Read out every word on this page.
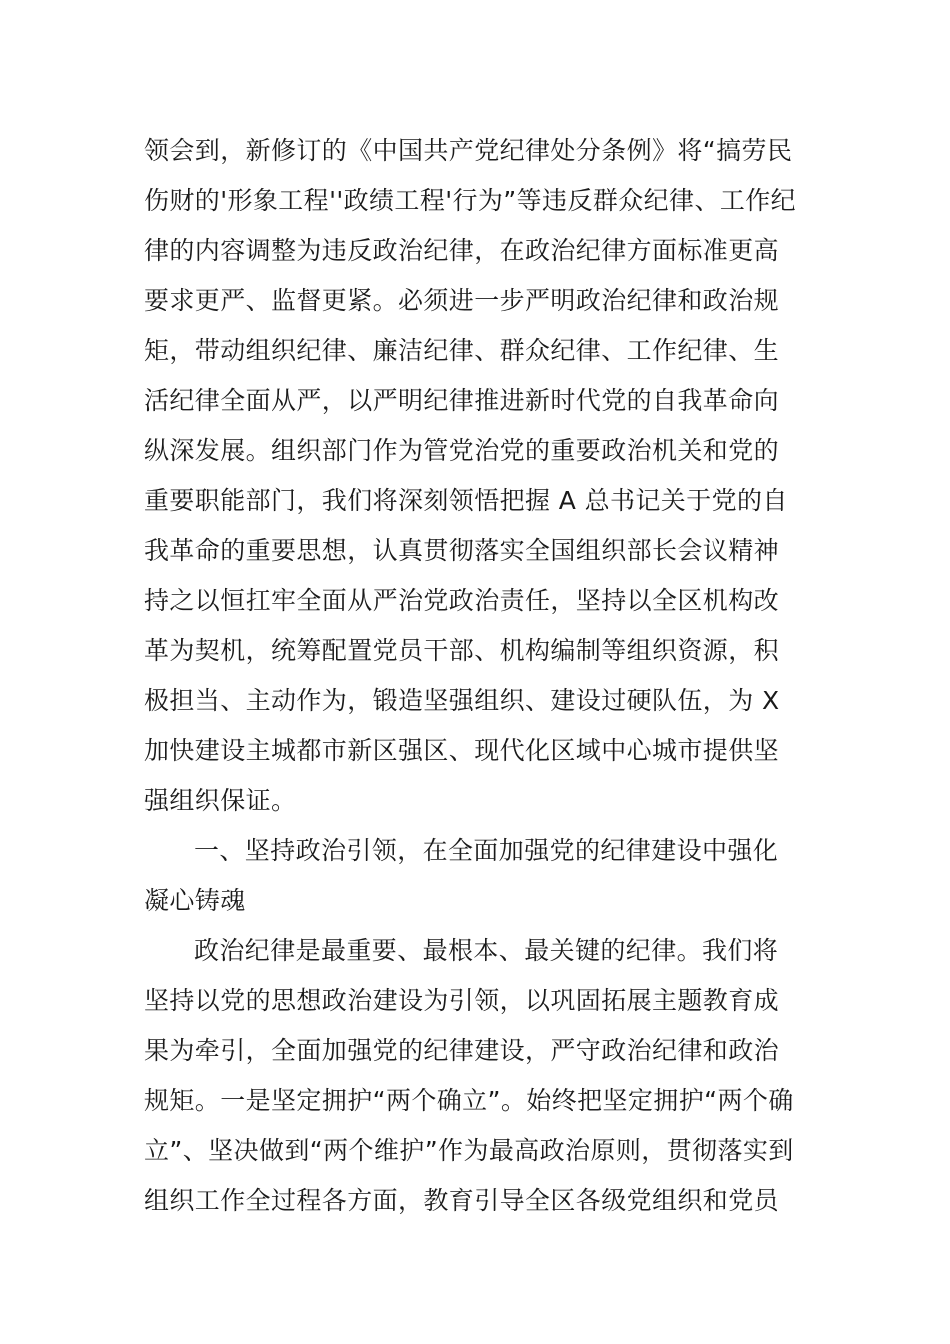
领会到，新修订的《中国共产党纪律处分条例》将“搞劳民
伤财的'形象工程''政绩工程'行为”等违反群众纪律、工作纪
律的内容调整为违反政治纪律，在政治纪律方面标准更高
要求更严、监督更紧。必须进一步严明政治纪律和政治规
矩，带动组织纪律、廉洁纪律、群众纪律、工作纪律、生
活纪律全面从严，以严明纪律推进新时代党的自我革命向
纵深发展。组织部门作为管党治党的重要政治机关和党的
重要职能部门，我们将深刻领悟把握 A 总书记关于党的自
我革命的重要思想，认真贯彻落实全国组织部长会议精神
持之以恒扛牢全面从严治党政治责任，坚持以全区机构改
革为契机，统筹配置党员干部、机构编制等组织资源，积
极担当、主动作为，锻造坚强组织、建设过硬队伍，为 X
加快建设主城都市新区强区、现代化区域中心城市提供坚
强组织保证。
一、坚持政治引领，在全面加强党的纪律建设中强化
凝心铸魂
政治纪律是最重要、最根本、最关键的纪律。我们将
坚持以党的思想政治建设为引领，以巩固拓展主题教育成
果为牵引，全面加强党的纪律建设，严守政治纪律和政治
规矩。一是坚定拥护“两个确立”。始终把坚定拥护“两个确
立”、坚决做到“两个维护”作为最高政治原则，贯彻落实到
组织工作全过程各方面，教育引导全区各级党组织和党员
